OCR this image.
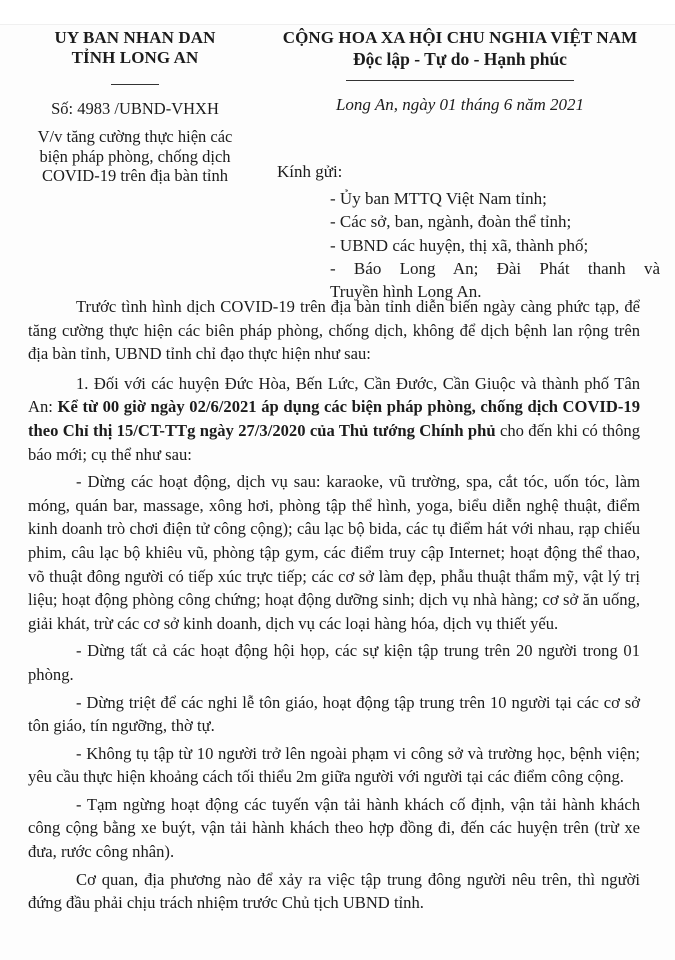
UY BAN NHAN DAN
TỈNH LONG AN
Số: 4983 /UBND-VHXH
V/v tăng cường thực hiện các
biện pháp phòng, chống dịch
COVID-19 trên địa bàn tỉnh
CỘNG HOA XA HỘI CHU NGHIA VIỆT NAM
Độc lập - Tự do - Hạnh phúc
Long An, ngày 01 tháng 6 năm 2021
Kính gửi:
- Ủy ban MTTQ Việt Nam tỉnh;
- Các sở, ban, ngành, đoàn thể tỉnh;
- UBND các huyện, thị xã, thành phố;
- Báo Long An; Đài Phát thanh và
Truyền hình Long An.

Trước tình hình dịch COVID-19 trên địa bàn tỉnh diễn biến ngày càng phức tạp, để tăng cường thực hiện các biên pháp phòng, chống dịch, không để dịch bệnh lan rộng trên địa bàn tỉnh, UBND tỉnh chỉ đạo thực hiện như sau:

1. Đối với các huyện Đức Hòa, Bến Lức, Cần Đước, Cần Giuộc và thành phố Tân An: Kể từ 00 giờ ngày 02/6/2021 áp dụng các biện pháp phòng, chống dịch COVID-19 theo Chỉ thị 15/CT-TTg ngày 27/3/2020 của Thủ tướng Chính phủ cho đến khi có thông báo mới; cụ thể như sau:

- Dừng các hoạt động, dịch vụ sau: karaoke, vũ trường, spa, cắt tóc, uốn tóc, làm móng, quán bar, massage, xông hơi, phòng tập thể hình, yoga, biểu diễn nghệ thuật, điểm kinh doanh trò chơi điện tử công cộng); câu lạc bộ bida, các tụ điểm hát với nhau, rạp chiếu phim, câu lạc bộ khiêu vũ, phòng tập gym, các điểm truy cập Internet; hoạt động thể thao, võ thuật đông người có tiếp xúc trực tiếp; các cơ sở làm đẹp, phẫu thuật thẩm mỹ, vật lý trị liệu; hoạt động phòng công chứng; hoạt động dưỡng sinh; dịch vụ nhà hàng; cơ sở ăn uống, giải khát, trừ các cơ sở kinh doanh, dịch vụ các loại hàng hóa, dịch vụ thiết yếu.

- Dừng tất cả các hoạt động hội họp, các sự kiện tập trung trên 20 người trong 01 phòng.

- Dừng triệt để các nghi lễ tôn giáo, hoạt động tập trung trên 10 người tại các cơ sở tôn giáo, tín ngưỡng, thờ tự.

- Không tụ tập từ 10 người trở lên ngoài phạm vi công sở và trường học, bệnh viện; yêu cầu thực hiện khoảng cách tối thiểu 2m giữa người với người tại các điểm công cộng.

- Tạm ngừng hoạt động các tuyến vận tải hành khách cố định, vận tải hành khách công cộng bằng xe buýt, vận tải hành khách theo hợp đồng đi, đến các huyện trên (trừ xe đưa, rước công nhân).

Cơ quan, địa phương nào để xảy ra việc tập trung đông người nêu trên, thì người đứng đầu phải chịu trách nhiệm trước Chủ tịch UBND tỉnh.
